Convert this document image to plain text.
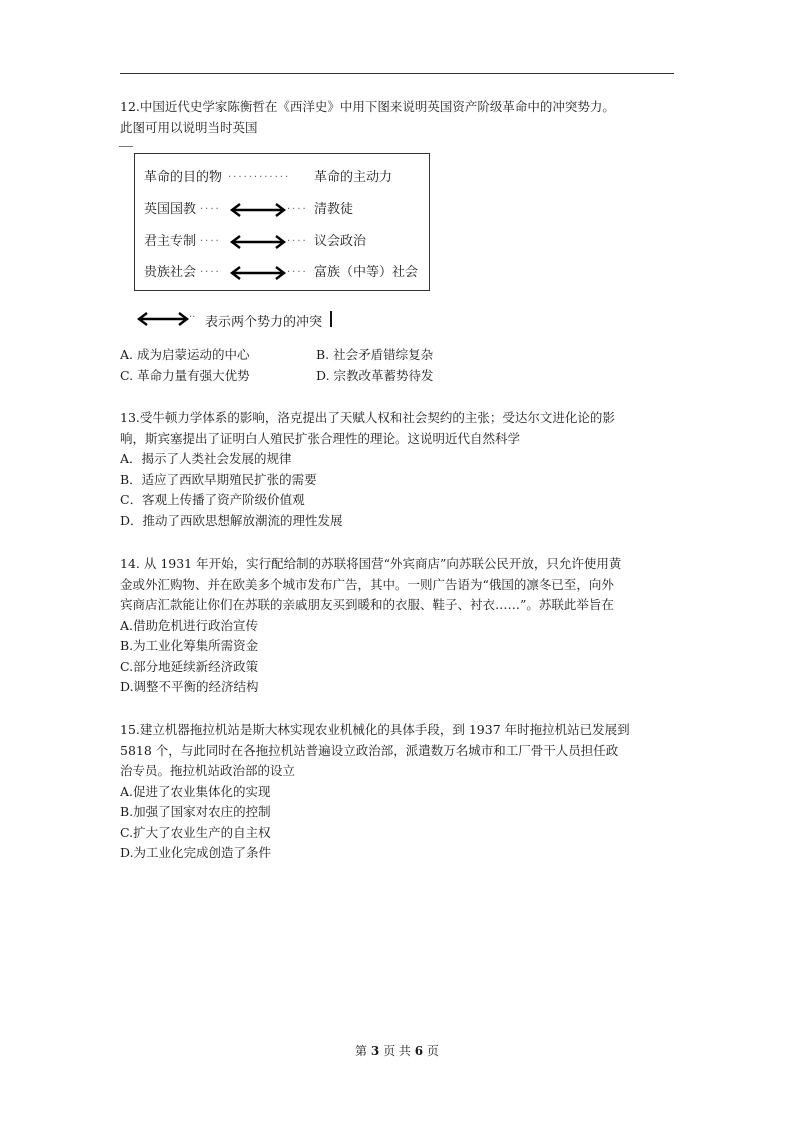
12.中国近代史学家陈衡哲在《西洋史》中用下图来说明英国资产阶级革命中的冲突势力。
此图可用以说明当时英国
革命的目的物 ············ 革命的主动力
英国国教 ····	···· 清教徒
君主专制 ····	···· 议会政治
贵族社会 ····	···· 富族（中等）社会
·· 表示两个势力的冲突
A. 成为启蒙运动的中心	B. 社会矛盾错综复杂
C. 革命力量有强大优势	D. 宗教改革蓄势待发
13.受牛顿力学体系的影响，洛克提出了天赋人权和社会契约的主张；受达尔文进化论的影
响，斯宾塞提出了证明白人殖民扩张合理性的理论。这说明近代自然科学
A．揭示了人类社会发展的规律
B．适应了西欧早期殖民扩张的需要
C．客观上传播了资产阶级价值观
D．推动了西欧思想解放潮流的理性发展
14. 从 1931 年开始，实行配给制的苏联将国营“外宾商店”向苏联公民开放，只允许使用黄
金或外汇购物、并在欧美多个城市发布广告，其中。一则广告语为“俄国的凛冬已至，向外
宾商店汇款能让你们在苏联的亲戚朋友买到暖和的衣服、鞋子、衬衣……”。苏联此举旨在
A.借助危机进行政治宣传
B.为工业化筹集所需资金
C.部分地延续新经济政策
D.调整不平衡的经济结构
15.建立机器拖拉机站是斯大林实现农业机械化的具体手段，到 1937 年时拖拉机站已发展到
5818 个，与此同时在各拖拉机站普遍设立政治部，派遣数万名城市和工厂骨干人员担任政
治专员。拖拉机站政治部的设立
A.促进了农业集体化的实现
B.加强了国家对农庄的控制
C.扩大了农业生产的自主权
D.为工业化完成创造了条件
第 3 页 共 6 页
